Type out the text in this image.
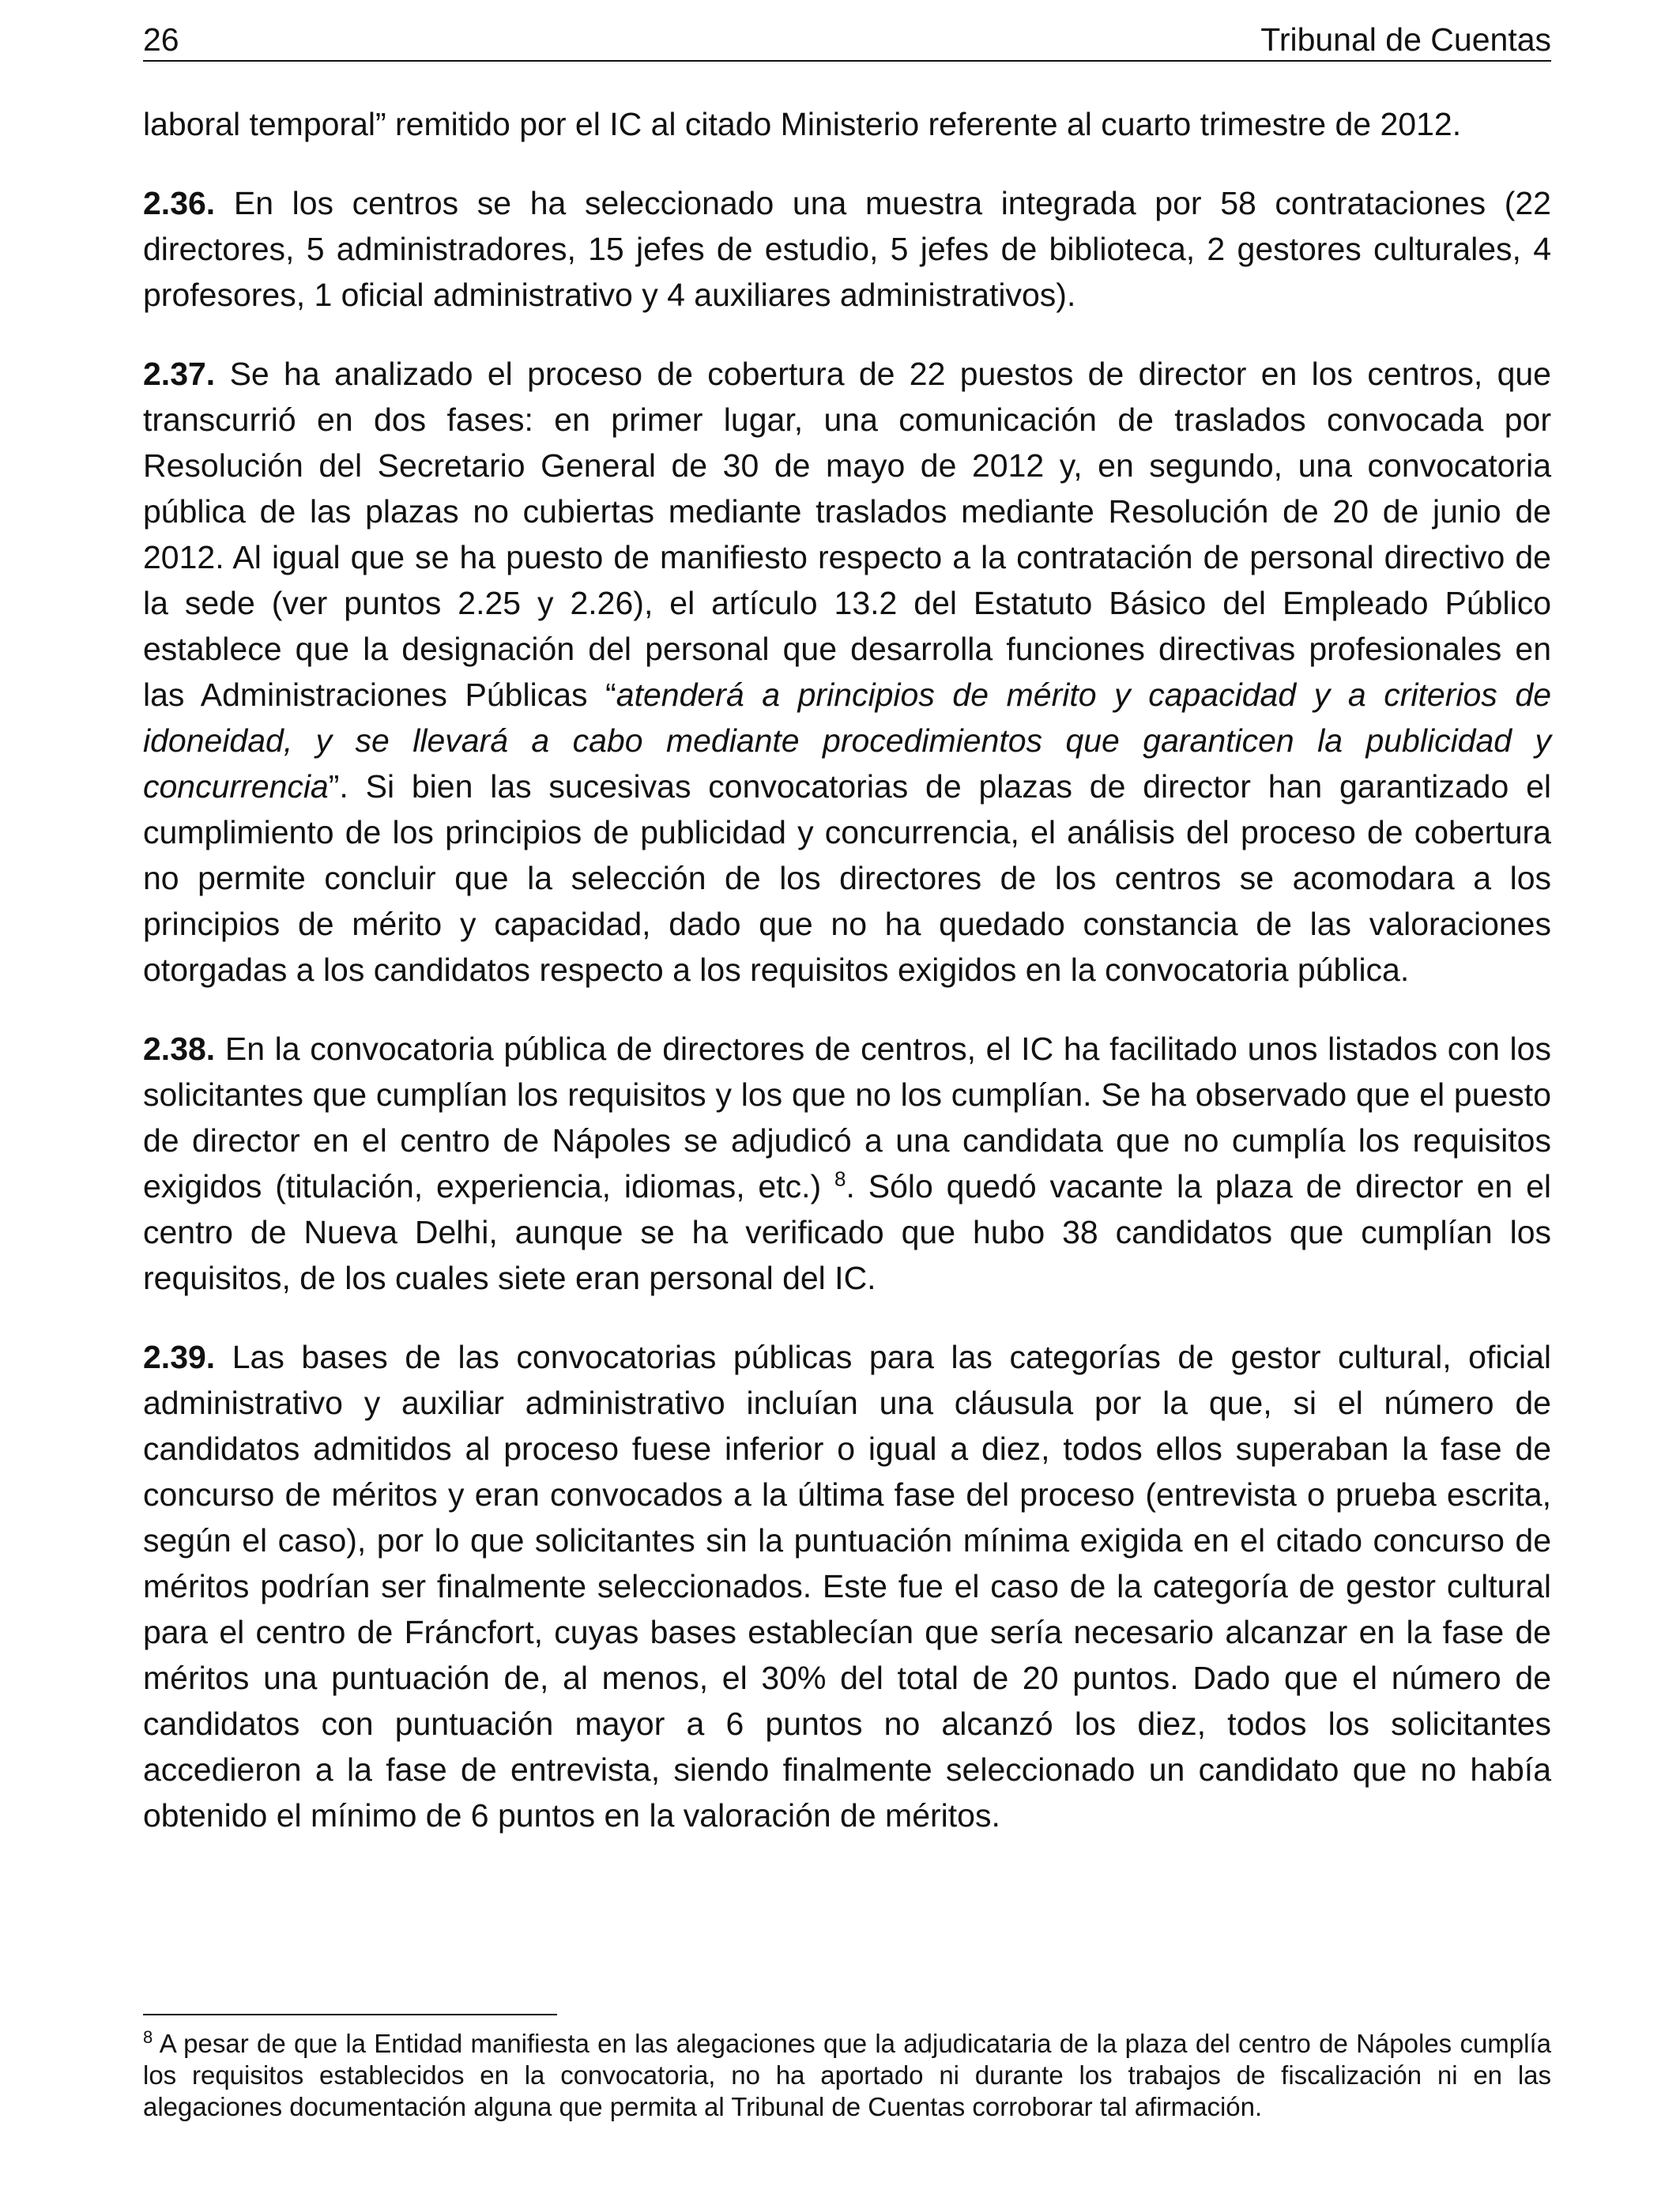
26	Tribunal de Cuentas

laboral temporal” remitido por el IC al citado Ministerio referente al cuarto trimestre de 2012.

2.36. En los centros se ha seleccionado una muestra integrada por 58 contrataciones (22 directores, 5 administradores, 15 jefes de estudio, 5 jefes de biblioteca, 2 gestores culturales, 4 profesores, 1 oficial administrativo y 4 auxiliares administrativos).

2.37. Se ha analizado el proceso de cobertura de 22 puestos de director en los centros, que transcurrió en dos fases: en primer lugar, una comunicación de traslados convocada por Resolución del Secretario General de 30 de mayo de 2012 y, en segundo, una convocatoria pública de las plazas no cubiertas mediante traslados mediante Resolución de 20 de junio de 2012. Al igual que se ha puesto de manifiesto respecto a la contratación de personal directivo de la sede (ver puntos 2.25 y 2.26), el artículo 13.2 del Estatuto Básico del Empleado Público establece que la designación del personal que desarrolla funciones directivas profesionales en las Administraciones Públicas “atenderá a principios de mérito y capacidad y a criterios de idoneidad, y se llevará a cabo mediante procedimientos que garanticen la publicidad y concurrencia”. Si bien las sucesivas convocatorias de plazas de director han garantizado el cumplimiento de los principios de publicidad y concurrencia, el análisis del proceso de cobertura no permite concluir que la selección de los directores de los centros se acomodara a los principios de mérito y capacidad, dado que no ha quedado constancia de las valoraciones otorgadas a los candidatos respecto a los requisitos exigidos en la convocatoria pública.

2.38. En la convocatoria pública de directores de centros, el IC ha facilitado unos listados con los solicitantes que cumplían los requisitos y los que no los cumplían. Se ha observado que el puesto de director en el centro de Nápoles se adjudicó a una candidata que no cumplía los requisitos exigidos (titulación, experiencia, idiomas, etc.) $^8$. Sólo quedó vacante la plaza de director en el centro de Nueva Delhi, aunque se ha verificado que hubo 38 candidatos que cumplían los requisitos, de los cuales siete eran personal del IC.

2.39. Las bases de las convocatorias públicas para las categorías de gestor cultural, oficial administrativo y auxiliar administrativo incluían una cláusula por la que, si el número de candidatos admitidos al proceso fuese inferior o igual a diez, todos ellos superaban la fase de concurso de méritos y eran convocados a la última fase del proceso (entrevista o prueba escrita, según el caso), por lo que solicitantes sin la puntuación mínima exigida en el citado concurso de méritos podrían ser finalmente seleccionados. Este fue el caso de la categoría de gestor cultural para el centro de Fráncfort, cuyas bases establecían que sería necesario alcanzar en la fase de méritos una puntuación de, al menos, el 30% del total de 20 puntos. Dado que el número de candidatos con puntuación mayor a 6 puntos no alcanzó los diez, todos los solicitantes accedieron a la fase de entrevista, siendo finalmente seleccionado un candidato que no había obtenido el mínimo de 6 puntos en la valoración de méritos.

$^8$ A pesar de que la Entidad manifiesta en las alegaciones que la adjudicataria de la plaza del centro de Nápoles cumplía los requisitos establecidos en la convocatoria, no ha aportado ni durante los trabajos de fiscalización ni en las alegaciones documentación alguna que permita al Tribunal de Cuentas corroborar tal afirmación.
